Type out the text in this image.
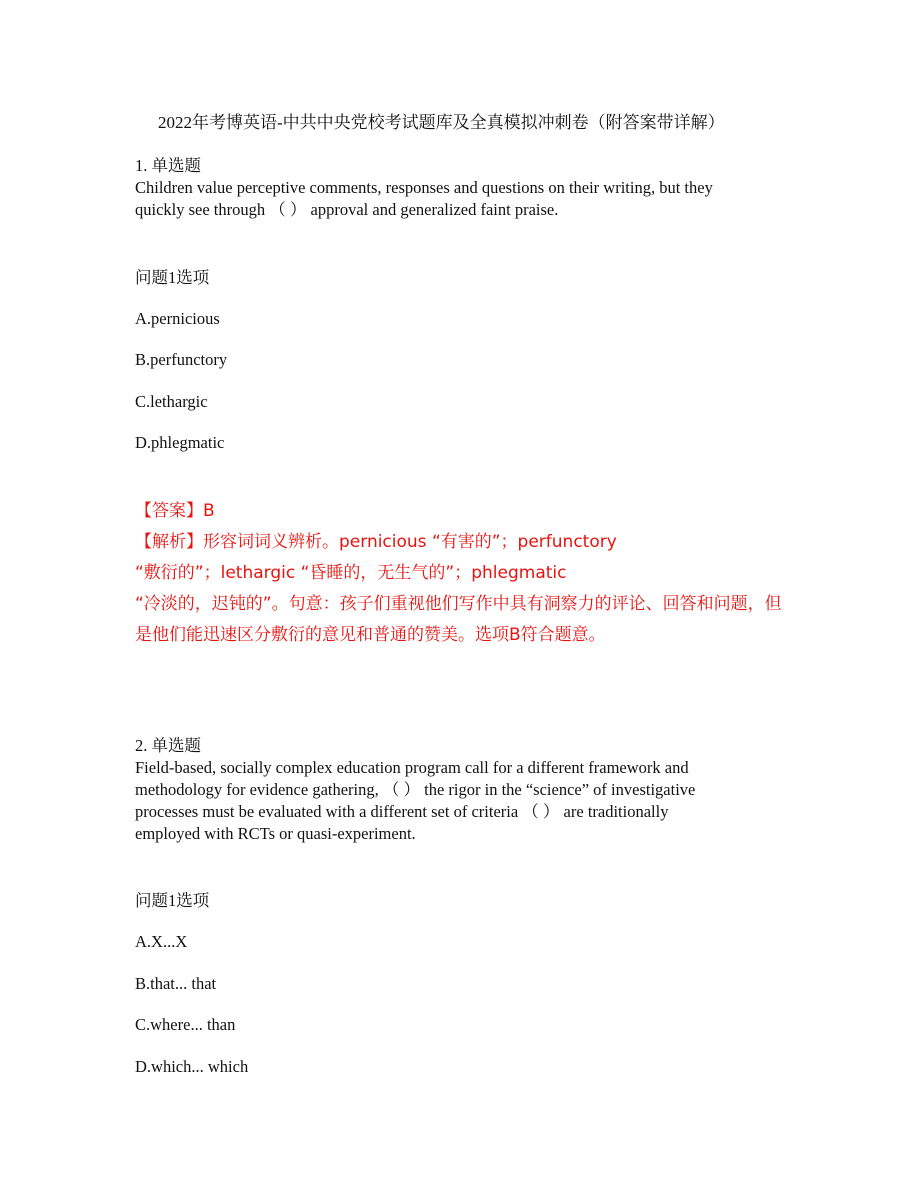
2022年考博英语-中共中央党校考试题库及全真模拟冲刺卷（附答案带详解）
1. 单选题
Children value perceptive comments, responses and questions on their writing, but they
quickly see through （ ） approval and generalized faint praise.
问题1选项
A.pernicious
B.perfunctory
C.lethargic
D.phlegmatic
【答案】B
【解析】形容词词义辨析。pernicious “有害的”；perfunctory
“敷衍的”；lethargic “昏睡的，无生气的”；phlegmatic
“冷淡的，迟钝的”。句意：孩子们重视他们写作中具有洞察力的评论、回答和问题，但是他们能迅速区分敷衍的意见和普通的赞美。选项B符合题意。
2. 单选题
Field-based, socially complex education program call for a different framework and
methodology for evidence gathering, （ ） the rigor in the “science” of investigative
processes must be evaluated with a different set of criteria （ ） are traditionally
employed with RCTs or quasi-experiment.
问题1选项
A.X...X
B.that... that
C.where... than
D.which... which
